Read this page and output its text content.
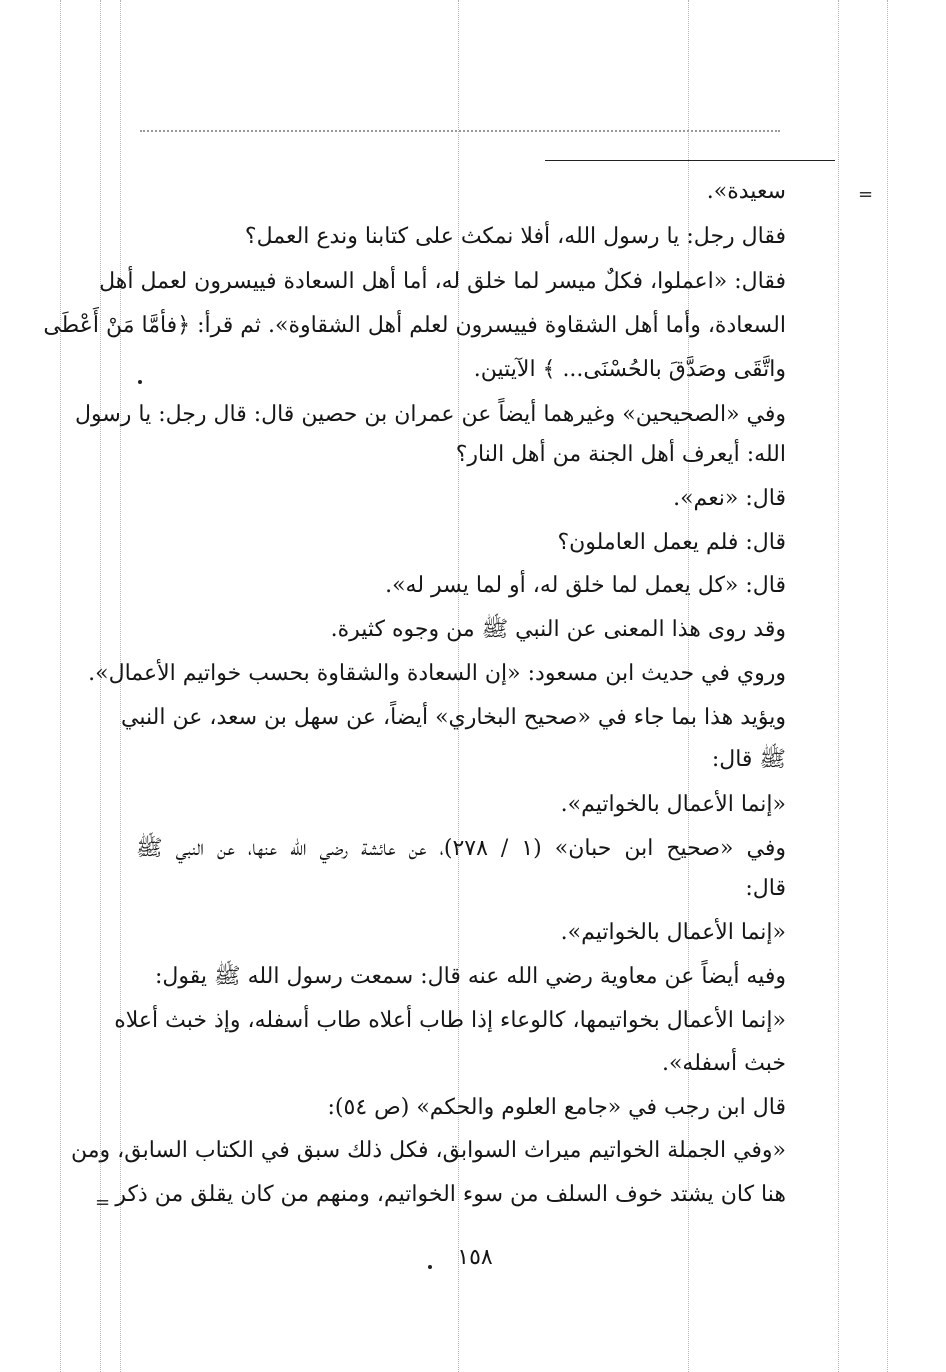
=
=
سعيدة».
فقال رجل: يا رسول الله، أفلا نمكث على كتابنا وندع العمل؟
فقال: «اعملوا، فكلٌ ميسر لما خلق له، أما أهل السعادة فييسرون لعمل أهل
السعادة، وأما أهل الشقاوة فييسرون لعلم أهل الشقاوة». ثم قرأ: ﴿فأمَّا مَنْ أَعْطَى
واتَّقَى وصَدَّقَ بالحُسْنَى... ﴾ الآيتين.
وفي «الصحيحين» وغيرهما أيضاً عن عمران بن حصين قال: قال رجل: يا رسول
الله: أيعرف أهل الجنة من أهل النار؟
قال: «نعم».
قال: فلم يعمل العاملون؟
قال: «كل يعمل لما خلق له، أو لما يسر له».
وقد روى هذا المعنى عن النبي ﷺ من وجوه كثيرة.
وروي في حديث ابن مسعود: «إن السعادة والشقاوة بحسب خواتيم الأعمال».
ويؤيد هذا بما جاء في «صحيح البخاري» أيضاً، عن سهل بن سعد، عن النبي
ﷺ قال:
«إنما الأعمال بالخواتيم».
وفي «صحيح ابن حبان» (١ / ٢٧٨)، عن عائشة رضي الله عنها، عن النبي ﷺ
قال:
«إنما الأعمال بالخواتيم».
وفيه أيضاً عن معاوية رضي الله عنه قال: سمعت رسول الله ﷺ يقول:
«إنما الأعمال بخواتيمها، كالوعاء إذا طاب أعلاه طاب أسفله، وإذ خبث أعلاه
خبث أسفله».
قال ابن رجب في «جامع العلوم والحكم» (ص ٥٤):
«وفي الجملة الخواتيم ميراث السوابق، فكل ذلك سبق في الكتاب السابق، ومن
هنا كان يشتد خوف السلف من سوء الخواتيم، ومنهم من كان يقلق من ذكر
١٥٨
